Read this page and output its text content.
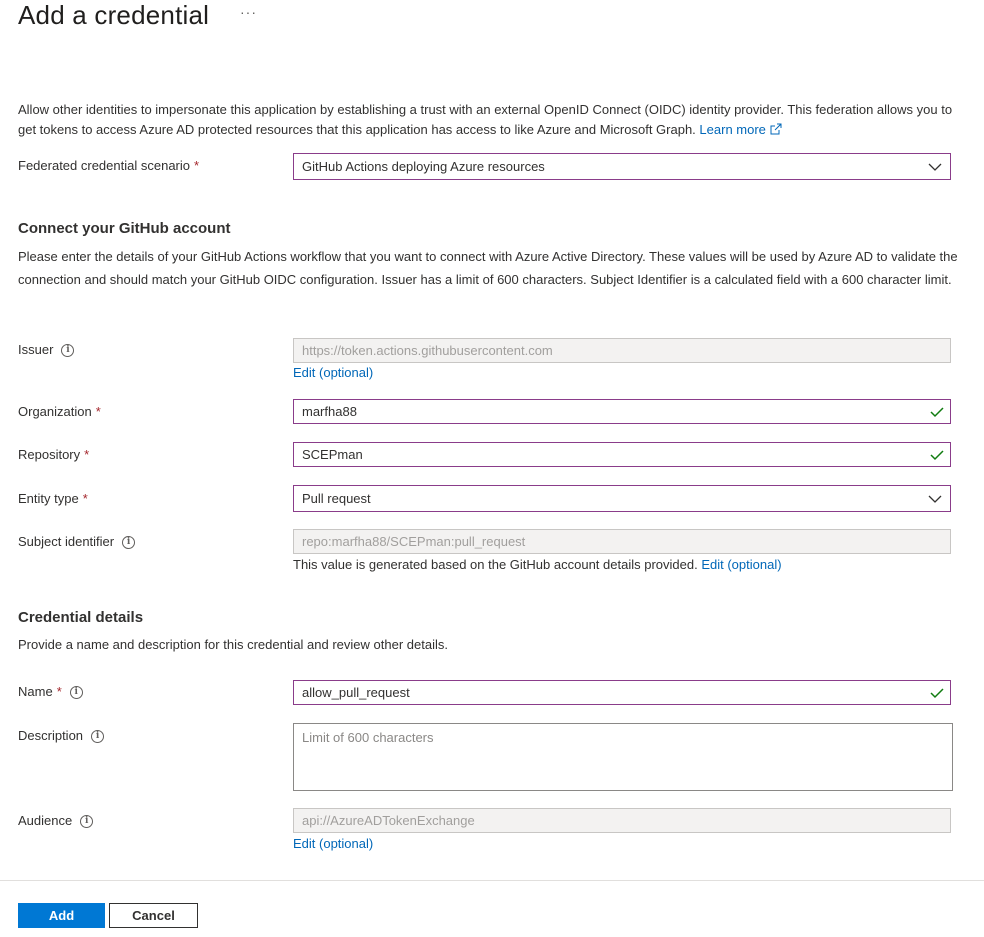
Add a credential ···
Allow other identities to impersonate this application by establishing a trust with an external OpenID Connect (OIDC) identity provider. This federation allows you to get tokens to access Azure AD protected resources that this application has access to like Azure and Microsoft Graph. Learn more
Federated credential scenario *	GitHub Actions deploying Azure resources
Connect your GitHub account
Please enter the details of your GitHub Actions workflow that you want to connect with Azure Active Directory. These values will be used by Azure AD to validate the connection and should match your GitHub OIDC configuration. Issuer has a limit of 600 characters. Subject Identifier is a calculated field with a 600 character limit.
Issuer	i	https://token.actions.githubusercontent.com
Edit (optional)
Organization *	marfha88
Repository *	SCEPman
Entity type *	Pull request
Subject identifier	i	repo:marfha88/SCEPman:pull_request
This value is generated based on the GitHub account details provided. Edit (optional)
Credential details
Provide a name and description for this credential and review other details.
Name *	i	allow_pull_request
Description	i	Limit of 600 characters
Audience	i	api://AzureADTokenExchange
Edit (optional)
Add	Cancel
